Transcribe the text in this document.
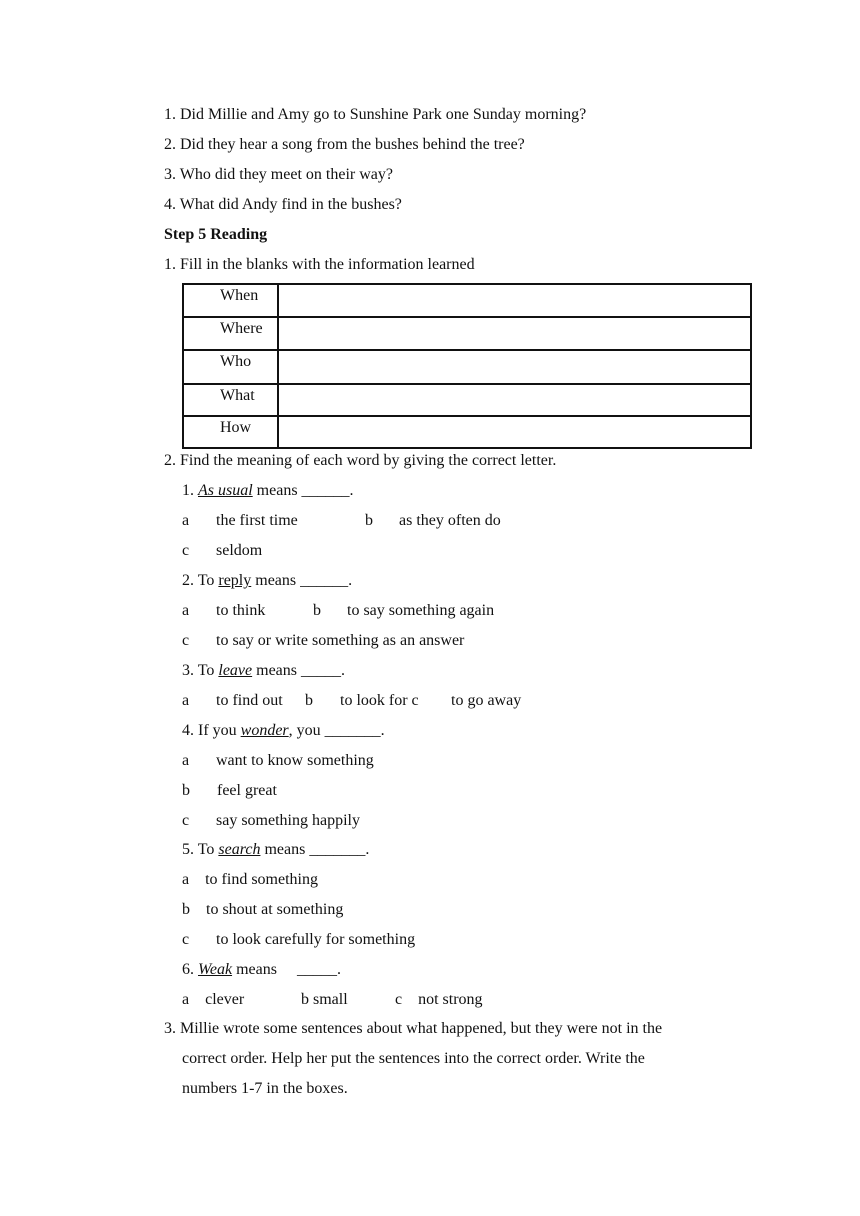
1. Did Millie and Amy go to Sunshine Park one Sunday morning?
2. Did they hear a song from the bushes behind the tree?
3. Who did they meet on their way?
4. What did Andy find in the bushes?
Step 5 Reading
1. Fill in the blanks with the information learned
When	
Where	
Who	
What	
How	
2. Find the meaning of each word by giving the correct letter.
1. As usual means ______.
a the first time	b as they often do
c seldom
2. To reply means ______.
a to think	b to say something again
c to say or write something as an answer
3. To leave means _____.
a to find out b to look for c to go away
4. If you wonder, you _______.
a want to know something
b feel great
c say something happily
5. To search means _______.
a    to find something
b    to shout at something
c to look carefully for something
6. Weak means     _____.
a    clever	b small	c    not strong
3. Millie wrote some sentences about what happened, but they were not in the
correct order. Help her put the sentences into the correct order. Write the
numbers 1-7 in the boxes.
